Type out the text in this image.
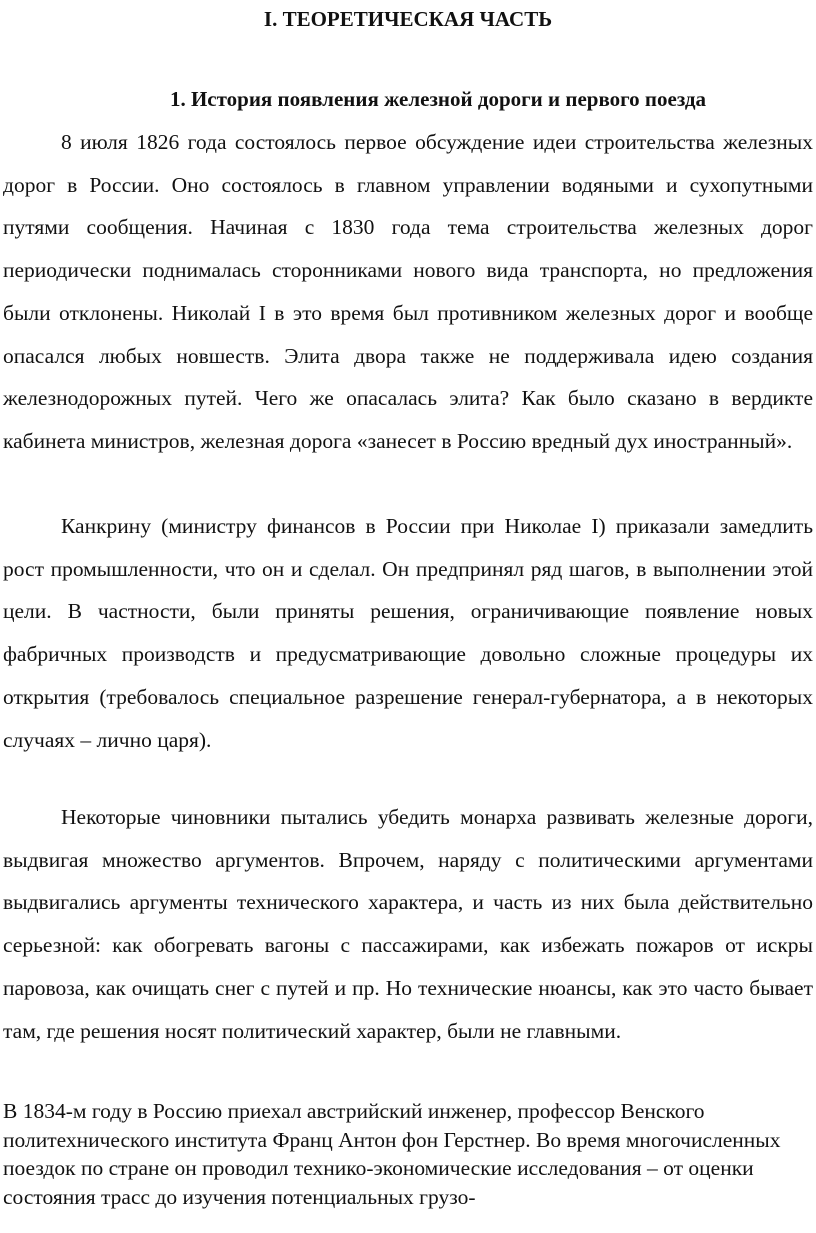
I. ТЕОРЕТИЧЕСКАЯ ЧАСТЬ
1. История появления железной дороги и первого поезда

8 июля 1826 года состоялось первое обсуждение идеи строительства железных дорог в России. Оно состоялось в главном управлении водяными и сухопутными путями сообщения. Начиная с 1830 года тема строительства железных дорог периодически поднималась сторонниками нового вида транспорта, но предложения были отклонены. Николай I в это время был противником железных дорог и вообще опасался любых новшеств. Элита двора также не поддерживала идею создания железнодорожных путей. Чего же опасалась элита? Как было сказано в вердикте кабинета министров, железная дорога «занесет в Россию вредный дух иностранный».

Канкрину (министру финансов в России при Николае I) приказали замедлить рост промышленности, что он и сделал. Он предпринял ряд шагов, в выполнении этой цели. В частности, были приняты решения, ограничивающие появление новых фабричных производств и предусматривающие довольно сложные процедуры их открытия (требовалось специальное разрешение генерал-губернатора, а в некоторых случаях – лично царя).

Некоторые чиновники пытались убедить монарха развивать железные дороги, выдвигая множество аргументов. Впрочем, наряду с политическими аргументами выдвигались аргументы технического характера, и часть из них была действительно серьезной: как обогревать вагоны с пассажирами, как избежать пожаров от искры паровоза, как очищать снег с путей и пр. Но технические нюансы, как это часто бывает там, где решения носят политический характер, были не главными.

В 1834-м году в Россию приехал австрийский инженер, профессор Венского политехнического института Франц Антон фон Герстнер. Во время многочисленных поездок по стране он проводил технико-экономические исследования – от оценки состояния трасс до изучения потенциальных грузо-
